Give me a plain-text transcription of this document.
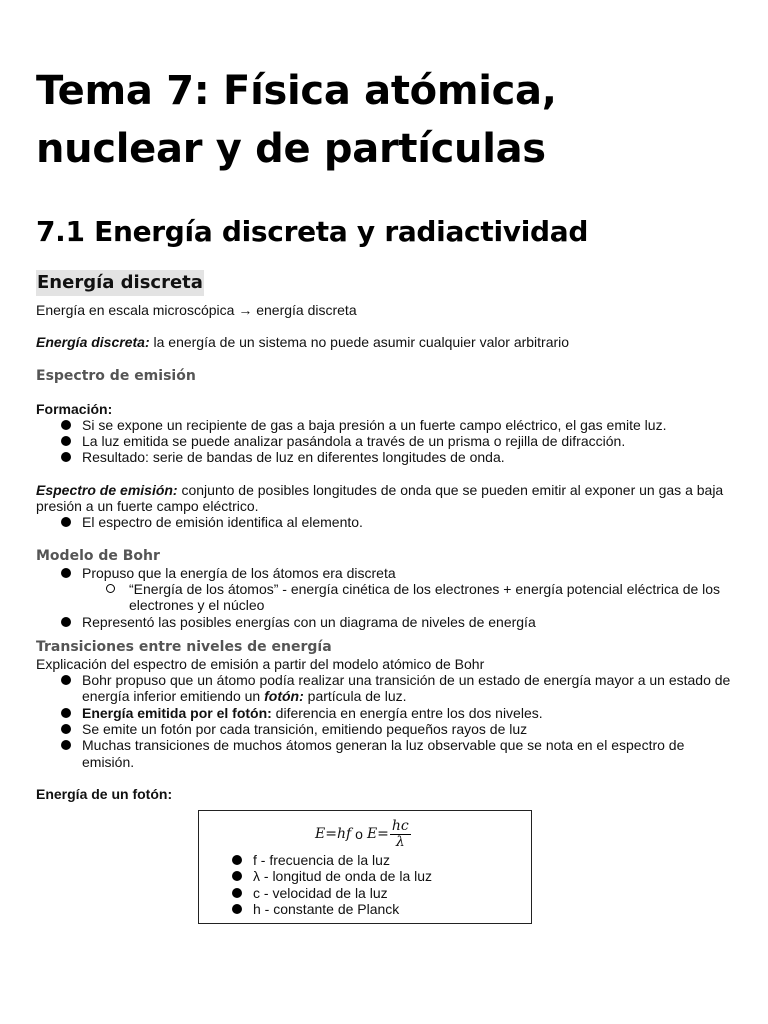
Tema 7: Física atómica, nuclear y de partículas
7.1 Energía discreta y radiactividad
Energía discreta

Energía en escala microscópica → energía discreta

Energía discreta: la energía de un sistema no puede asumir cualquier valor arbitrario

Espectro de emisión

Formación:

Si se expone un recipiente de gas a baja presión a un fuerte campo eléctrico, el gas emite luz.
La luz emitida se puede analizar pasándola a través de un prisma o rejilla de difracción.
Resultado: serie de bandas de luz en diferentes longitudes de onda.

Espectro de emisión: conjunto de posibles longitudes de onda que se pueden emitir al exponer un gas a baja presión a un fuerte campo eléctrico.

El espectro de emisión identifica al elemento.

Modelo de Bohr

Propuso que la energía de los átomos era discreta
“Energía de los átomos” - energía cinética de los electrones + energía potencial eléctrica de los electrones y el núcleo
Representó las posibles energías con un diagrama de niveles de energía

Transiciones entre niveles de energía

Explicación del espectro de emisión a partir del modelo atómico de Bohr

Bohr propuso que un átomo podía realizar una transición de un estado de energía mayor a un estado de energía inferior emitiendo un fotón: partícula de luz.
Energía emitida por el fotón: diferencia en energía entre los dos niveles.
Se emite un fotón por cada transición, emitiendo pequeños rayos de luz
Muchas transiciones de muchos átomos generan la luz observable que se nota en el espectro de emisión.

Energía de un fotón:

E=hf o $E= \frac{hc}{\lambda}$
f - frecuencia de la luz
λ - longitud de onda de la luz
c - velocidad de la luz
h - constante de Planck
